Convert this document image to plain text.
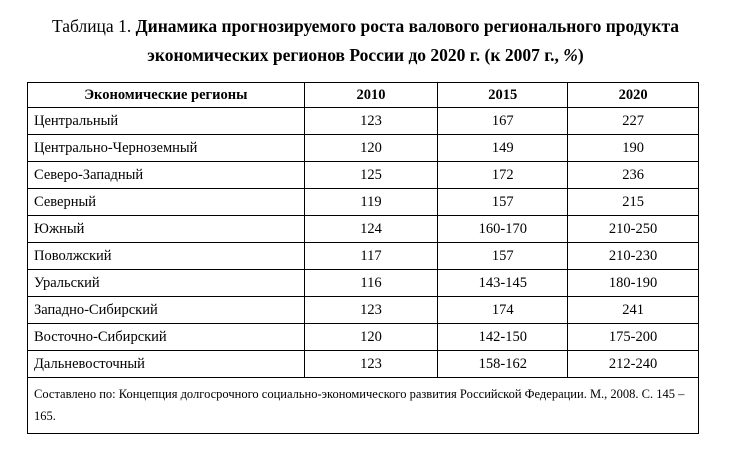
Таблица 1. Динамика прогнозируемого роста валового регионального продукта экономических регионов России до 2020 г. (к 2007 г., %)
Экономические регионы	2010	2015	2020
Центральный	123	167	227
Центрально-Черноземный	120	149	190
Северо-Западный	125	172	236
Северный	119	157	215
Южный	124	160-170	210-250
Поволжский	117	157	210-230
Уральский	116	143-145	180-190
Западно-Сибирский	123	174	241
Восточно-Сибирский	120	142-150	175-200
Дальневосточный	123	158-162	212-240
Составлено по: Концепция долгосрочного социально-экономического развития Российской Федерации. М., 2008. С. 145 – 165.			
